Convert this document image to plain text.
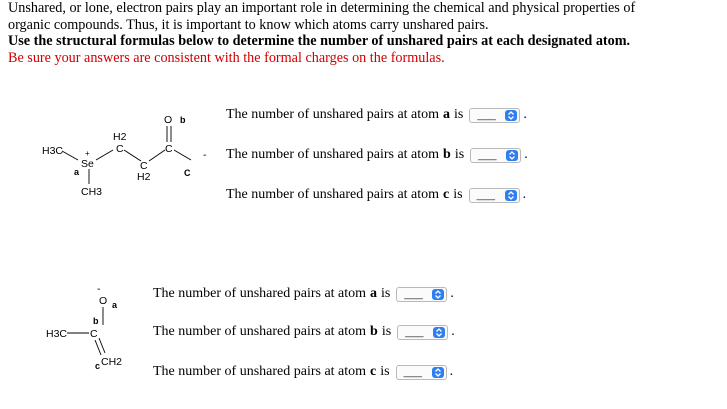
Unshared, or lone, electron pairs play an important role in determining the chemical and physical properties of
organic compounds. Thus, it is important to know which atoms carry unshared pairs.
Use the structural formulas below to determine the number of unshared pairs at each designated atom.
Be sure your answers are consistent with the formal charges on the formulas.
H3C	+
Se
a
CH3
H2
C
C
H2
C
O b
-
C
-
O a
b
H3C C
c CH2
The number of unshared pairs at atom a is ___ .
The number of unshared pairs at atom b is ___ .
The number of unshared pairs at atom c is ___ .
The number of unshared pairs at atom a is ___ .
The number of unshared pairs at atom b is ___ .
The number of unshared pairs at atom c is ___ .
